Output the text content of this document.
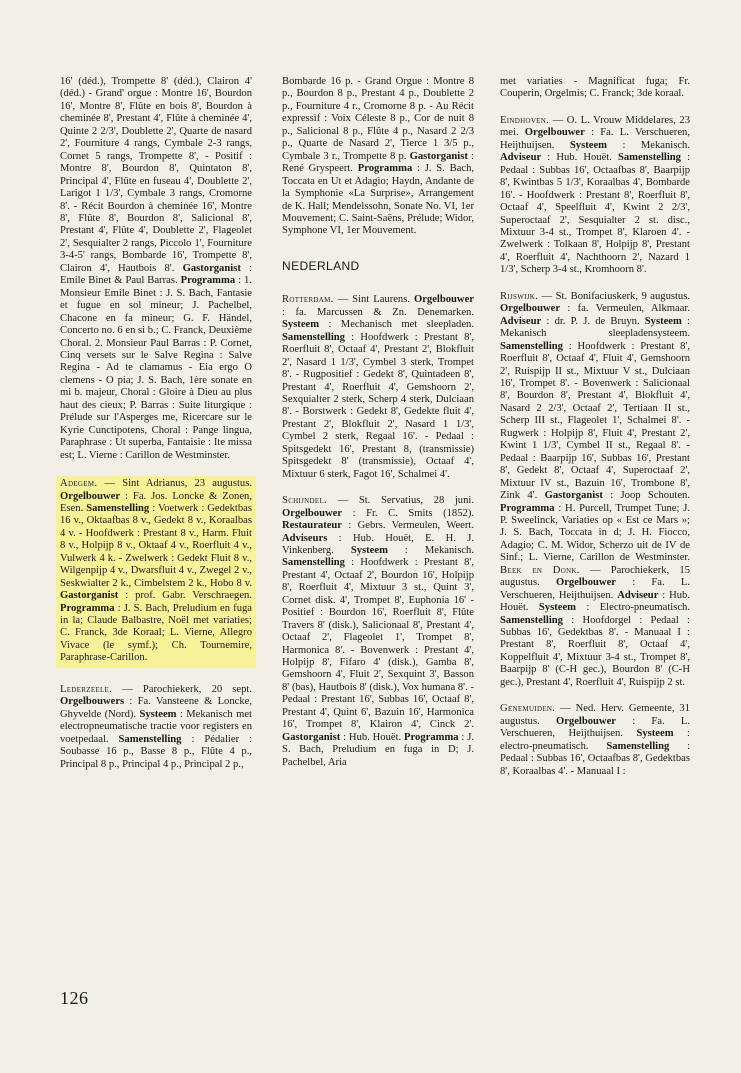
16' (déd.), Trompette 8' (déd.), Clairon 4' (déd.) - Grand' orgue : Montre 16', Bourdon 16', Montre 8', Flûte en bois 8', Bourdon à cheminée 8', Prestant 4', Flûte à cheminée 4', Quinte 2 2/3', Doublette 2', Quarte de nasard 2', Fourniture 4 rangs, Cymbale 2-3 rangs, Cornet 5 rangs, Trompette 8', - Positif : Montre 8', Bourdon 8', Quintaton 8', Principal 4', Flûte en fuseau 4', Doublette 2', Larigot 1 1/3', Cymbale 3 rangs, Cromorne 8'. - Récit Bourdon à cheminée 16', Montre 8', Flûte 8', Bourdon 8', Salicional 8', Prestant 4', Flûte 4', Doublette 2', Flageolet 2', Sesquialter 2 rangs, Piccolo 1', Fourniture 3-4-5' rangs, Bombarde 16', Trompette 8', Clairon 4', Hautbois 8'. Gastorganist : Emile Binet & Paul Barras. Programma : 1. Monsieur Emile Binet : J. S. Bach, Fantasie et fugue en sol mineur; J. Pachelbel, Chacone en fa mineur; G. F. Händel, Concerto no. 6 en si b.; C. Franck, Deuxième Choral. 2. Monsieur Paul Barras : P. Cornet, Cinq versets sur le Salve Regina : Salve Regina - Ad te clamamus - Eia ergo O clemens - O pia; J. S. Bach, 1ère sonate en mi b. majeur, Choral : Gloire à Dieu au plus haut des cieux; P. Barras : Suite liturgique : Prélude sur l'Asperges me, Ricercare sur le Kyrie Cunctipotens, Choral : Pange lingua, Paraphrase : Ut superba, Fantaisie : Ite missa est; L. Vierne : Carillon de Westminster.

Adegem. — Sint Adrianus, 23 augustus. Orgelbouwer : Fa. Jos. Loncke & Zonen, Esen. Samenstelling : Voetwerk : Gedektbas 16 v., Oktaafbas 8 v., Gedekt 8 v., Koraalbas 4 v. - Hoofdwerk : Prestant 8 v., Harm. Fluit 8 v., Holpijp 8 v., Oktaaf 4 v., Roerfluit 4 v., Vulwerk 4 k. - Zwelwerk : Gedekt Fluit 8 v., Wilgenpijp 4 v., Dwarsfluit 4 v., Zwegel 2 v., Seskwialter 2 k., Cimbelstem 2 k., Hobo 8 v. Gastorganist : prof. Gabr. Verschraegen. Programma : J. S. Bach, Preludium en fuga in la; Claude Balbastre, Noël met variaties; C. Franck, 3de Koraal; L. Vierne, Allegro Vivace (le symf.); Ch. Tournemire, Paraphrase-Carillon.

Lederzeele. — Parochiekerk, 20 sept. Orgelbouwers : Fa. Vansteene & Loncke, Ghyvelde (Nord). Systeem : Mekanisch met electropneumatische tractie voor registers en voetpedaal. Samenstelling : Pédalier : Soubasse 16 p., Basse 8 p., Flûte 4 p., Principal 8 p., Principal 4 p., Principal 2 p.,

Bombarde 16 p. - Grand Orgue : Montre 8 p., Bourdon 8 p., Prestant 4 p., Doublette 2 p., Fourniture 4 r., Cromorne 8 p. - Au Récit expressif : Voix Céleste 8 p., Cor de nuit 8 p., Salicional 8 p., Flûte 4 p., Nasard 2 2/3 p., Quarte de Nasard 2', Tierce 1 3/5 p., Cymbale 3 r., Trompette 8 p. Gastorganist : René Gryspeert. Programma : J. S. Bach, Toccata en Ut et Adagio; Haydn, Andante de la Symphonie «La Surprise», Arrangement de K. Hall; Mendelssohn, Sonate No. VI, 1er Mouvement; C. Saint-Saëns, Prélude; Widor, Symphone VI, 1er Mouvement.

NEDERLAND

Rotterdam. — Sint Laurens. Orgelbouwer : fa. Marcussen & Zn. Denemarken. Systeem : Mechanisch met sleepladen. Samenstelling : Hoofdwerk : Prestant 8', Roerfluit 8', Octaaf 4', Prestant 2', Blokfluit 2', Nasard 1 1/3', Cymbel 3 sterk, Trompet 8'. - Rugpositief : Gedekt 8', Quintadeen 8', Prestant 4', Roerfluit 4', Gemshoorn 2', Sexquialter 2 sterk, Scherp 4 sterk, Dulciaan 8'. - Borstwerk : Gedekt 8', Gedekte fluit 4', Prestant 2', Blokfluit 2', Nasard 1 1/3', Cymbel 2 sterk, Regaal 16'. - Pedaal : Spitsgedekt 16', Prestant 8, (transmissie) Spitsgedekt 8' (transmissie), Octaaf 4', Mixtuur 6 sterk, Fagot 16', Schalmei 4'.

Schijndel. — St. Servatius, 28 juni. Orgelbouwer : Fr. C. Smits (1852). Restaurateur : Gebrs. Vermeulen, Weert. Adviseurs : Hub. Houët, E. H. J. Vinkenberg. Systeem : Mekanisch. Samenstelling : Hoofdwerk : Prestant 8', Prestant 4', Octaaf 2', Bourdon 16', Holpijp 8', Roerfluit 4', Mixtuur 3 st., Quint 3', Cornet disk. 4', Trompet 8', Euphonia 16' - Positief : Bourdon 16', Roerfluit 8', Flûte Travers 8' (disk.), Salicionaal 8', Prestant 4', Octaaf 2', Flageolet 1', Trompet 8', Harmonica 8'. - Bovenwerk : Prestant 4', Holpijp 8', Fifaro 4' (disk.), Gamba 8', Gemshoorn 4', Fluit 2', Sexquint 3', Basson 8' (bas), Hautbois 8' (disk.), Vox humana 8'. - Pedaal : Prestant 16', Subbas 16', Octaaf 8', Prestant 4', Quint 6', Bazuin 16', Harmonica 16', Trompet 8', Klairon 4', Cinck 2'. Gastorganist : Hub. Houët. Programma : J. S. Bach, Preludium en fuga in D; J. Pachelbel, Aria

met variaties - Magnificat fuga; Fr. Couperin, Orgelmis; C. Franck; 3de koraal.

Eindhoven. — O. L. Vrouw Middelares, 23 mei. Orgelbouwer : Fa. L. Verschueren, Heijthuijsen. Systeem : Mekanisch. Adviseur : Hub. Houët. Samenstelling : Pedaal : Subbas 16', Octaafbas 8', Baarpijp 8', Kwintbas 5 1/3', Koraalbas 4', Bombarde 16'. - Hoofdwerk : Prestant 8', Roerfluit 8', Octaaf 4', Speelfluit 4', Kwint 2 2/3', Superoctaaf 2', Sesquialter 2 st. disc., Mixtuur 3-4 st., Trompet 8', Klaroen 4'. - Zwelwerk : Tolkaan 8', Holpijp 8', Prestant 4', Roerfluit 4', Nachthoorn 2', Nazard 1 1/3', Scherp 3-4 st., Kromhoorn 8'.

Rijswijk. — St. Bonifaciuskerk, 9 augustus. Orgelbouwer : fa. Vermeulen, Alkmaar. Adviseur : dr. P. J. de Bruyn. Systeem : Mekanisch sleepladensysteem. Samenstelling : Hoofdwerk : Prestant 8', Roerfluit 8', Octaaf 4', Fluit 4', Gemshoorn 2', Ruispijp II st., Mixtuur V st., Dulciaan 16', Trompet 8'. - Bovenwerk : Salicionaal 8', Bourdon 8', Prestant 4', Blokfluit 4', Nasard 2 2/3', Octaaf 2', Tertiaan II st., Scherp III st., Flageolet 1', Schalmei 8'. - Rugwerk : Holpijp 8', Fluit 4', Prestant 2', Kwint 1 1/3', Cymbel II st., Regaal 8'. - Pedaal : Baarpijp 16', Subbas 16', Prestant 8', Gedekt 8', Octaaf 4', Superoctaaf 2', Mixtuur IV st., Bazuin 16', Trombone 8', Zink 4'. Gastorganist : Joop Schouten. Programma : H. Purcell, Trumpet Tune; J. P. Sweelinck, Variaties op « Est ce Mars »; J. S. Bach, Toccata in d; J. H. Fiocco, Adagio; C. M. Widor, Scherzo uit de IV de Sinf.; L. Vierne, Carillon de Westminster. Beek en Donk. — Parochiekerk, 15 augustus. Orgelbouwer : Fa. L. Verschueren, Heijthuijsen. Adviseur : Hub. Houët. Systeem : Electro-pneumatisch. Samenstelling : Hoofdorgel : Pedaal : Subbas 16', Gedektbas 8'. - Manuaal I : Prestant 8', Roerfluit 8', Octaaf 4', Koppelfluit 4', Mixtuur 3-4 st., Trompet 8', Baarpijp 8' (C-H gec.), Bourdon 8' (C-H gec.), Prestant 4', Roerfluit 4', Ruispijp 2 st.

Genemuiden. — Ned. Herv. Gemeente, 31 augustus. Orgelbouwer : Fa. L. Verschueren, Heijthuijsen. Systeem : electro-pneumatisch. Samenstelling : Pedaal : Subbas 16', Octaafbas 8', Gedektbas 8', Koraalbas 4'. - Manuaal I :

126
